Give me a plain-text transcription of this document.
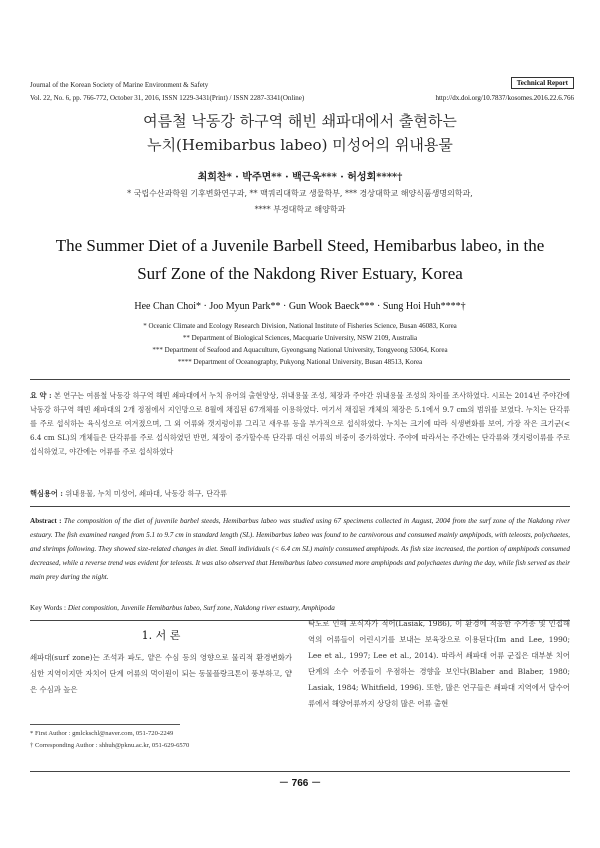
Journal of the Korean Society of Marine Environment & Safety
Vol. 22, No. 6, pp. 766-772, October 31, 2016, ISSN 1229-3431(Print) / ISSN 2287-3341(Online)
Technical Report
http://dx.doi.org/10.7837/kosomes.2016.22.6.766
여름철 낙동강 하구역 해빈 쇄파대에서 출현하는
누치(Hemibarbus labeo) 미성어의 위내용물
최희찬* · 박주면** · 백근욱*** · 허성회****†
* 국립수산과학원 기후변화연구과, ** 맥쿼리대학교 생물학부, *** 경상대학교 해양식품생명의학과,
**** 부경대학교 해양학과
The Summer Diet of a Juvenile Barbell Steed, Hemibarbus labeo, in the
Surf Zone of the Nakdong River Estuary, Korea
Hee Chan Choi* · Joo Myun Park** · Gun Wook Baeck*** · Sung Hoi Huh****†
* Oceanic Climate and Ecology Research Division, National Institute of Fisheries Science, Busan 46083, Korea
** Department of Biological Sciences, Macquarie University, NSW 2109, Australia
*** Department of Seafood and Aquaculture, Gyeongsang National University, Tongyeong 53064, Korea
**** Department of Oceanography, Pukyong National University, Busan 48513, Korea
요 약 : 본 연구는 여름철 낙동강 하구역 해빈 쇄파대에서 누치 유어의 출현양상, 위내용물 조성, 체장과 주야간 위내용물 조성의 차이를 조사하였다. 시료는 2014년 주야간에 낙동강 하구역 해빈 쇄파대의 2개 정점에서 지인망으로 8월에 채집된 67개체를 이용하였다. 여기서 채집된 개체의 체장은 5.1에서 9.7 cm의 범위를 보였다. 누치는 단각류를 주로 섭식하는 육식성으로 여겨졌으며, 그 외 어류와 갯지렁이류 그리고 새우류 등을 부가적으로 섭식하였다. 누치는 크기에 따라 식생변화를 보여, 가장 작은 크기군(< 6.4 cm SL)의 개체들은 단각류를 주로 섭식하였던 반면, 체장이 증가할수록 단각류 대신 어류의 비중이 증가하였다. 주야에 따라서는 주간에는 단각류와 갯지렁이류를 주로 섭식하였고, 야간에는 어류를 주로 섭식하였다
핵심용어 : 위내용물, 누치 미성어, 쇄파대, 낙동강 하구, 단각류
Abstract : The composition of the diet of juvenile barbel steeds, Hemibarbus labeo was studied using 67 specimens collected in August, 2004 from the surf zone of the Nakdong river estuary. The fish examined ranged from 5.1 to 9.7 cm in standard length (SL). Hemibarbus labeo was found to be carnivorous and consumed mainly amphipods, with teleosts, polychaetes, and shrimps following. They showed size-related changes in diet. Small individuals (< 6.4 cm SL) mainly consumed amphipods. As fish size increased, the portion of amphipods consumed decreased, while a reverse trend was evident for teleosts. It was also observed that Hemibarbus labeo consumed more amphipods and polychaetes during the day, while fish served as their main prey during the night.
Key Words : Diet composition, Juvenile Hemibarbus labeo, Surf zone, Nakdong river estuary, Amphipoda
1. 서 론
쇄파대(surf zone)는 조석과 파도, 얕은 수심 등의 영향으로 물리적 환경변화가 심한 지역이지만 자치어 단계 어류의 먹이원이 되는 동물플랑크톤이 풍부하고, 얕은 수심과 높은
탁도로 인해 포식자가 적어(Lasiak, 1986), 이 환경에 적응한 주거종 및 인접해역의 어류들이 어린시기를 보내는 보육장으로 이용된다(Im and Lee, 1990; Lee et al., 1997; Lee et al., 2014). 따라서 쇄파대 어류 군집은 대부분 치어 단계의 소수 어종들이 우점하는 경향을 보인다(Blaber and Blaber, 1980; Lasiak, 1984; Whitfield, 1996). 또한, 많은 연구들은 쇄파대 지역에서 담수어류에서 해양어류까지 상당히 많은 어류 출현
* First Author : gmlckschl@naver.com, 051-720-2249
† Corresponding Author : shhuh@pknu.ac.kr, 051-629-6570
－ 766 －
